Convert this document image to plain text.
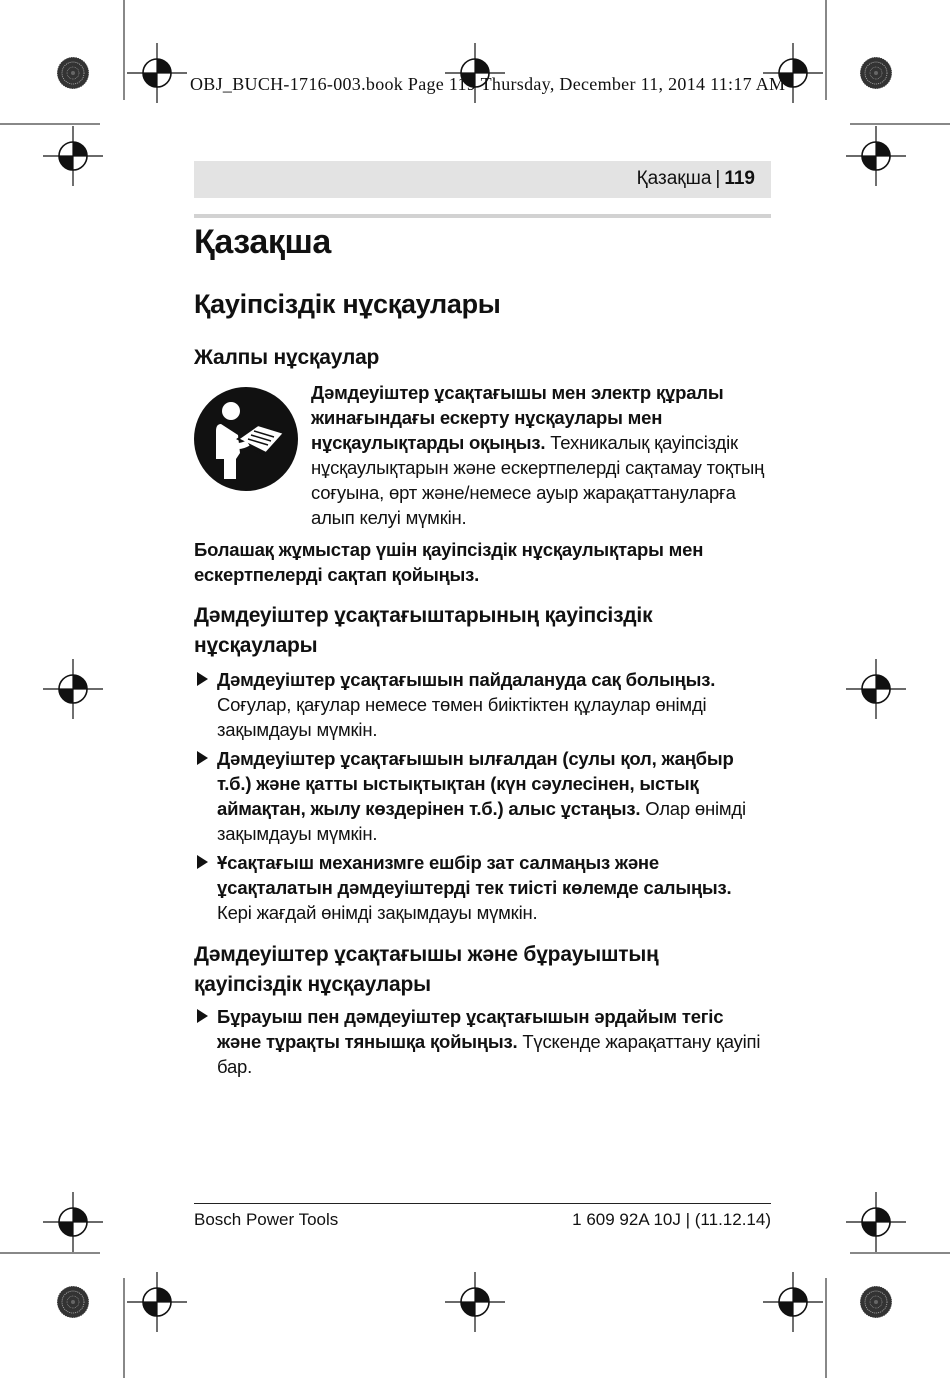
OBJ_BUCH-1716-003.book Page 119 Thursday, December 11, 2014 11:17 AM
Қазақша | 119
Қазақша
Қауіпсіздік нұсқаулары
Жалпы нұсқаулар
Дәмдеуіштер ұсақтағышы мен электр құралы жинағындағы ескерту нұсқаулары мен нұсқаулықтарды оқыңыз. Техникалық қауіпсіздік нұсқаулықтарын және ескертпелерді сақтамау тоқтың соғуына, өрт және/немесе ауыр жарақаттануларға алып келуі мүмкін.
Болашақ жұмыстар үшін қауіпсіздік нұсқаулықтары мен ескертпелерді сақтап қойыңыз.
Дәмдеуіштер ұсақтағыштарының қауіпсіздік нұсқаулары
Дәмдеуіштер ұсақтағышын пайдалануда сақ болыңыз. Соғулар, қағулар немесе төмен биіктіктен құлаулар өнімді зақымдауы мүмкін.
Дәмдеуіштер ұсақтағышын ылғалдан (сулы қол, жаңбыр т.б.) және қатты ыстықтықтан (күн сәулесінен, ыстық аймақтан, жылу көздерінен т.б.) алыс ұстаңыз. Олар өнімді зақымдауы мүмкін.
Ұсақтағыш механизмге ешбір зат салмаңыз және ұсақталатын дәмдеуіштерді тек тиісті көлемде салыңыз. Кері жағдай өнімді зақымдауы мүмкін.
Дәмдеуіштер ұсақтағышы және бұрауыштың қауіпсіздік нұсқаулары
Бұрауыш пен дәмдеуіштер ұсақтағышын әрдайым тегіс және тұрақты тянышқа қойыңыз. Түскенде жарақаттану қауіпі бар.
Bosch Power Tools	1 609 92A 10J | (11.12.14)
